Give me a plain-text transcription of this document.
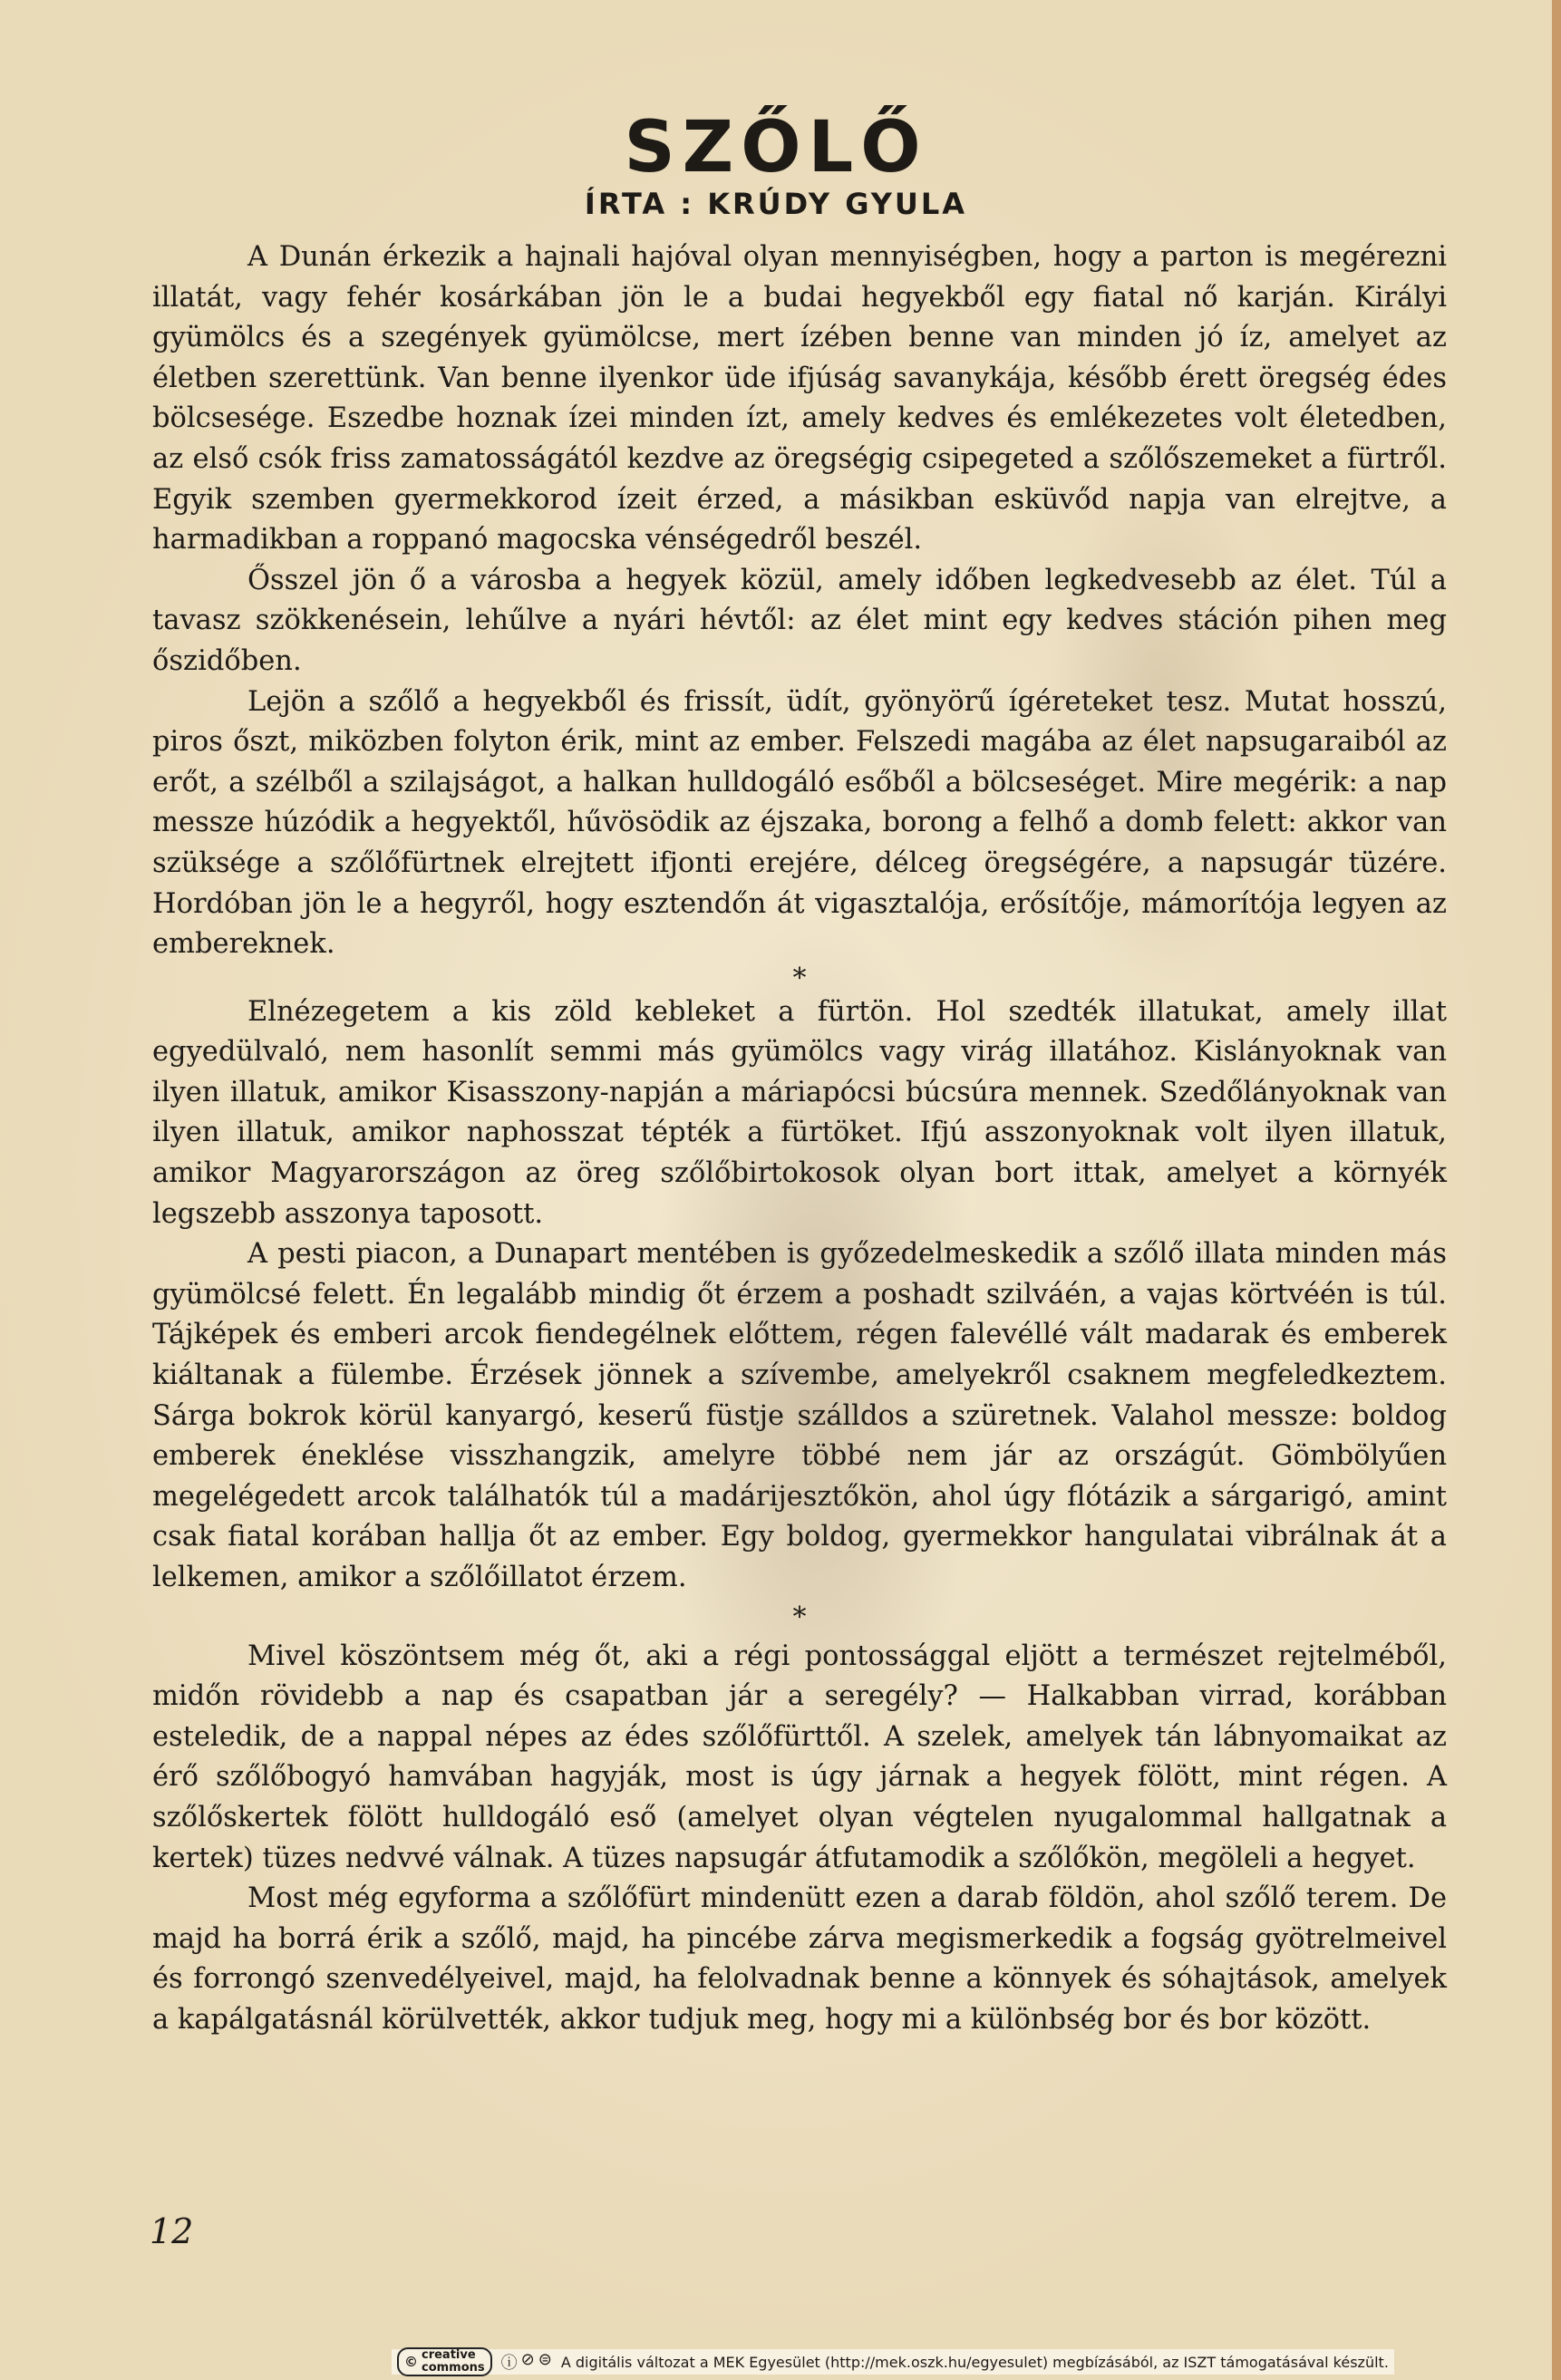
SZŐLŐ
ÍRTA : KRÚDY GYULA

A Dunán érkezik a hajnali hajóval olyan mennyiségben, hogy a parton is megérezni illatát, vagy fehér kosárkában jön le a budai hegyekből egy fiatal nő karján. Királyi gyümölcs és a szegények gyümölcse, mert ízében benne van minden jó íz, amelyet az életben szerettünk. Van benne ilyenkor üde ifjúság savanykája, később érett öregség édes bölcsesége. Eszedbe hoznak ízei minden ízt, amely kedves és emlékezetes volt életedben, az első csók friss zamatosságától kezdve az öregségig csipegeted a szőlőszemeket a fürtről. Egyik szemben gyermekkorod ízeit érzed, a másikban esküvőd napja van elrejtve, a harmadikban a roppanó magocska vénségedről beszél.

Ősszel jön ő a városba a hegyek közül, amely időben legkedvesebb az élet. Túl a tavasz szökkenésein, lehűlve a nyári hévtől: az élet mint egy kedves stáción pihen meg őszidőben.

Lejön a szőlő a hegyekből és frissít, üdít, gyönyörű ígéreteket tesz. Mutat hosszú, piros őszt, miközben folyton érik, mint az ember. Felszedi magába az élet napsugaraiból az erőt, a szélből a szilajságot, a halkan hulldogáló esőből a bölcseséget. Mire megérik: a nap messze húzódik a hegyektől, hűvösödik az éjszaka, borong a felhő a domb felett: akkor van szüksége a szőlőfürtnek elrejtett ifjonti erejére, délceg öregségére, a napsugár tüzére. Hordóban jön le a hegyről, hogy esztendőn át vigasztalója, erősítője, mámorítója legyen az embereknek.

*

Elnézegetem a kis zöld kebleket a fürtön. Hol szedték illatukat, amely illat egyedülvaló, nem hasonlít semmi más gyümölcs vagy virág illatához. Kislányoknak van ilyen illatuk, amikor Kisasszony-napján a máriapócsi búcsúra mennek. Szedőlányoknak van ilyen illatuk, amikor naphosszat tépték a fürtöket. Ifjú asszonyoknak volt ilyen illatuk, amikor Magyarországon az öreg szőlőbirtokosok olyan bort ittak, amelyet a környék legszebb asszonya taposott.

A pesti piacon, a Dunapart mentében is győzedelmeskedik a szőlő illata minden más gyümölcsé felett. Én legalább mindig őt érzem a poshadt szilváén, a vajas körtvéén is túl. Tájképek és emberi arcok fiendegélnek előttem, régen falevéllé vált madarak és emberek kiáltanak a fülembe. Érzések jönnek a szívembe, amelyekről csaknem megfeledkeztem. Sárga bokrok körül kanyargó, keserű füstje szálldos a szüretnek. Valahol messze: boldog emberek éneklése visszhangzik, amelyre többé nem jár az országút. Gömbölyűen megelégedett arcok találhatók túl a madárijesztőkön, ahol úgy flótázik a sárgarigó, amint csak fiatal korában hallja őt az ember. Egy boldog, gyermekkor hangulatai vibrálnak át a lelkemen, amikor a szőlőillatot érzem.

*

Mivel köszöntsem még őt, aki a régi pontossággal eljött a természet rejtelméből, midőn rövidebb a nap és csapatban jár a seregély? — Halkabban virrad, korábban esteledik, de a nappal népes az édes szőlőfürttől. A szelek, amelyek tán lábnyomaikat az érő szőlőbogyó hamvában hagyják, most is úgy járnak a hegyek fölött, mint régen. A szőlőskertek fölött hulldogáló eső (amelyet olyan végtelen nyugalommal hallgatnak a kertek) tüzes nedvvé válnak. A tüzes napsugár átfutamodik a szőlőkön, megöleli a hegyet.

Most még egyforma a szőlőfürt mindenütt ezen a darab földön, ahol szőlő terem. De majd ha borrá érik a szőlő, majd, ha pincébe zárva megismerkedik a fogság gyötrelmeivel és forrongó szenvedélyeivel, majd, ha felolvadnak benne a könnyek és sóhajtások, amelyek a kapálgatásnál körülvették, akkor tudjuk meg, hogy mi a különbség bor és bor között.

12
© creative
commons ⓘ ⊘ ⊜ A digitális változat a MEK Egyesület (http://mek.oszk.hu/egyesulet) megbízásából, az ISZT támogatásával készült.
